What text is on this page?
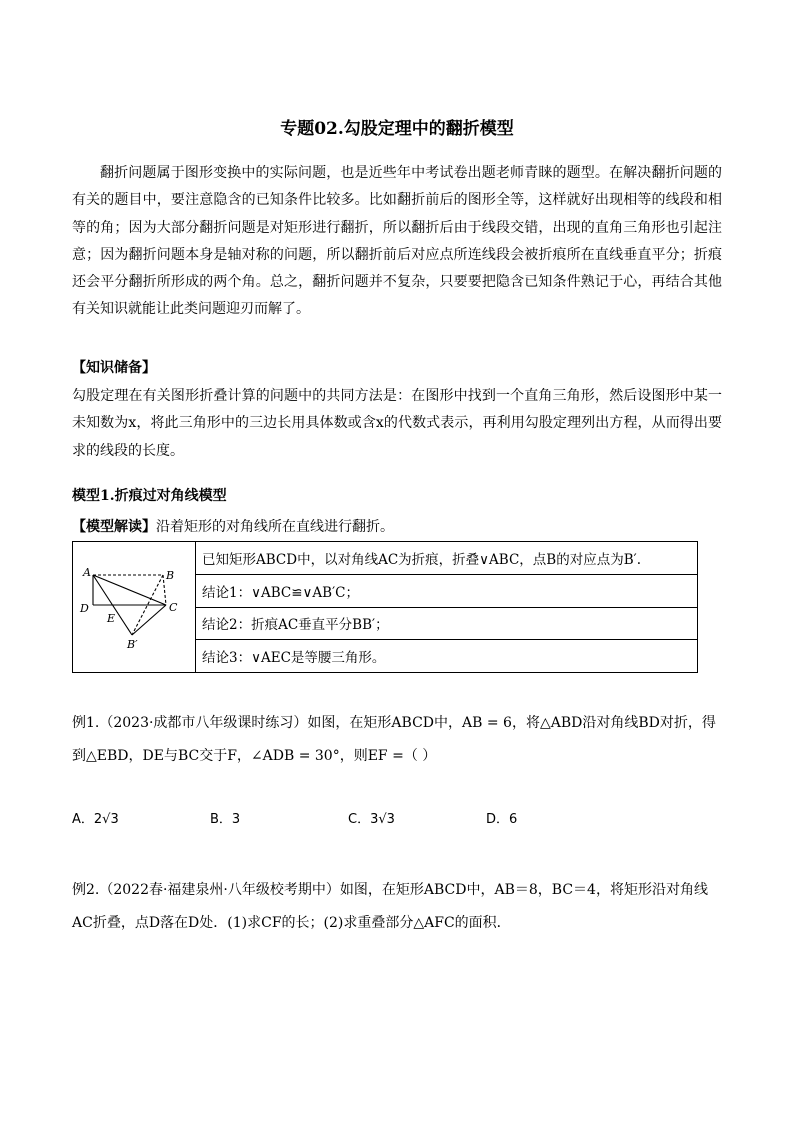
专题02.勾股定理中的翻折模型
翻折问题属于图形变换中的实际问题，也是近些年中考试卷出题老师青睐的题型。在解决翻折问题的有关的题目中，要注意隐含的已知条件比较多。比如翻折前后的图形全等，这样就好出现相等的线段和相等的角；因为大部分翻折问题是对矩形进行翻折，所以翻折后由于线段交错，出现的直角三角形也引起注意；因为翻折问题本身是轴对称的问题，所以翻折前后对应点所连线段会被折痕所在直线垂直平分；折痕还会平分翻折所形成的两个角。总之，翻折问题并不复杂，只要要把隐含已知条件熟记于心，再结合其他有关知识就能让此类问题迎刃而解了。
【知识储备】
勾股定理在有关图形折叠计算的问题中的共同方法是：在图形中找到一个直角三角形，然后设图形中某一未知数为x，将此三角形中的三边长用具体数或含x的代数式表示，再利用勾股定理列出方程，从而得出要求的线段的长度。
模型1.折痕过对角线模型
【模型解读】沿着矩形的对角线所在直线进行翻折。
A	B
C
D
E
B′
	已知矩形ABCD中，以对角线AC为折痕，折叠∨ABC，点B的对应点为B′.
结论1：∨ABC≌∨AB′C；
结论2：折痕AC垂直平分BB′；
结论3：∨AEC是等腰三角形。
例1.（2023·成都市八年级课时练习）如图，在矩形ABCD中，AB = 6，将△ABD沿对角线BD对折，得到△EBD，DE与BC交于F，∠ADB = 30°，则EF =（ ）
A．2√3	B．3	C．3√3	D．6
例2.（2022春·福建泉州·八年级校考期中）如图，在矩形ABCD中，AB＝8，BC＝4，将矩形沿对角线AC折叠，点D落在D处．(1)求CF的长；(2)求重叠部分△AFC的面积．
